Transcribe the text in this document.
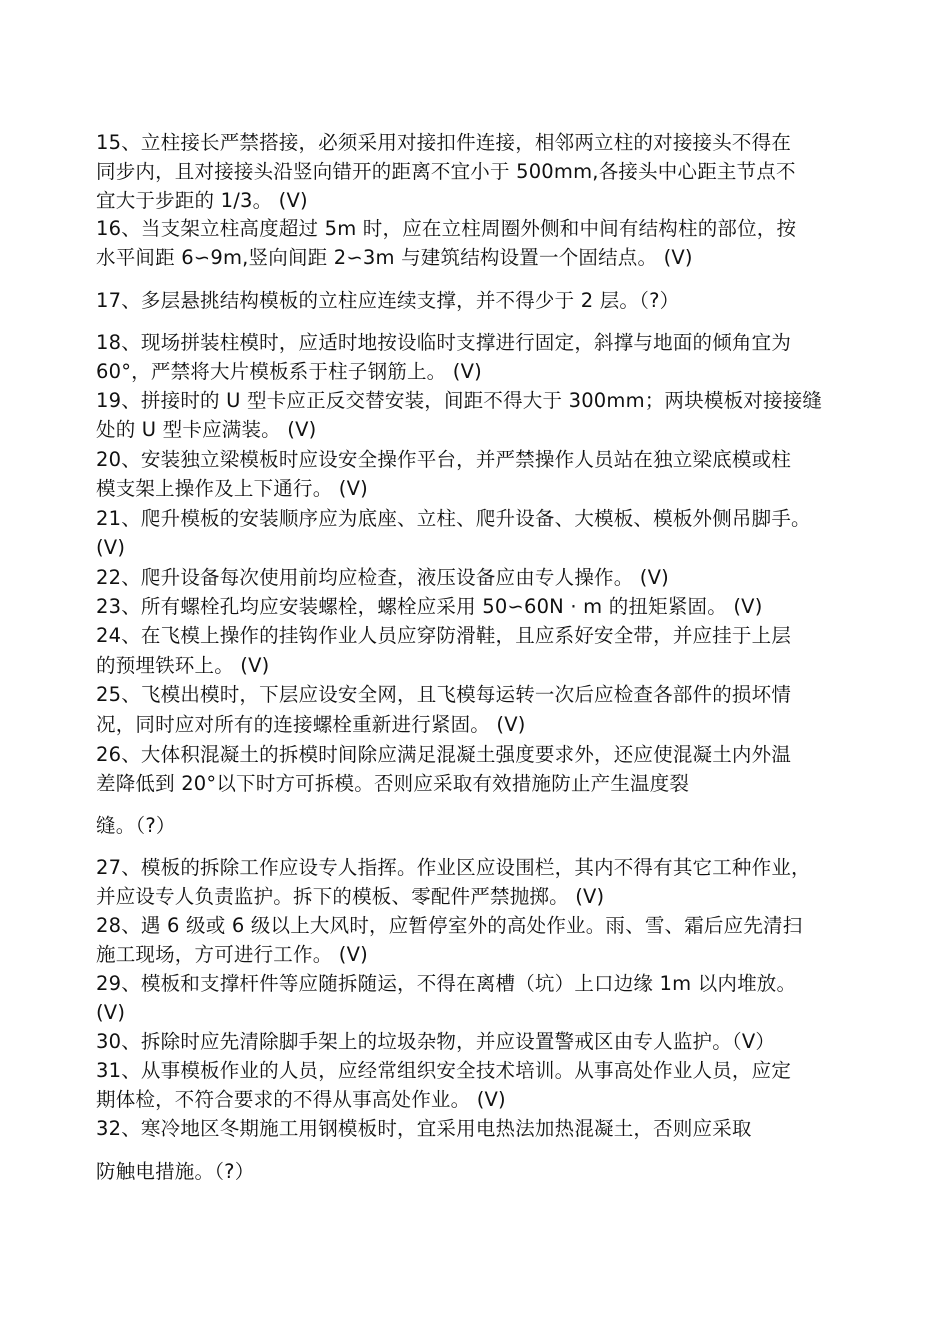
15、立柱接长严禁搭接，必须采用对接扣件连接，相邻两立柱的对接接头不得在
同步内，且对接接头沿竖向错开的距离不宜小于 500mm,各接头中心距主节点不
宜大于步距的 1/3。 (V)
16、当支架立柱高度超过 5m 时，应在立柱周圈外侧和中间有结构柱的部位，按
水平间距 6∽9m,竖向间距 2∽3m 与建筑结构设置一个固结点。 (V)
17、多层悬挑结构模板的立柱应连续支撑，并不得少于 2 层。（?）
18、现场拼装柱模时，应适时地按设临时支撑进行固定，斜撑与地面的倾角宜为
60°，严禁将大片模板系于柱子钢筋上。 (V)
19、拼接时的 U 型卡应正反交替安装，间距不得大于 300mm；两块模板对接接缝
处的 U 型卡应满装。 (V)
20、安装独立梁模板时应设安全操作平台，并严禁操作人员站在独立梁底模或柱
模支架上操作及上下通行。 (V)
21、爬升模板的安装顺序应为底座、立柱、爬升设备、大模板、模板外侧吊脚手。
(V)
22、爬升设备每次使用前均应检查，液压设备应由专人操作。 (V)
23、所有螺栓孔均应安装螺栓，螺栓应采用 50∽60N · m 的扭矩紧固。 (V)
24、在飞模上操作的挂钩作业人员应穿防滑鞋，且应系好安全带，并应挂于上层
的预埋铁环上。 (V)
25、飞模出模时，下层应设安全网，且飞模每运转一次后应检查各部件的损坏情
况，同时应对所有的连接螺栓重新进行紧固。 (V)
26、大体积混凝土的拆模时间除应满足混凝土强度要求外，还应使混凝土内外温
差降低到 20°以下时方可拆模。否则应采取有效措施防止产生温度裂
缝。（?）
27、模板的拆除工作应设专人指挥。作业区应设围栏，其内不得有其它工种作业，
并应设专人负责监护。拆下的模板、零配件严禁抛掷。 (V)
28、遇 6 级或 6 级以上大风时，应暂停室外的高处作业。雨、雪、霜后应先清扫
施工现场，方可进行工作。 (V)
29、模板和支撑杆件等应随拆随运，不得在离槽（坑）上口边缘 1m 以内堆放。
(V)
30、拆除时应先清除脚手架上的垃圾杂物，并应设置警戒区由专人监护。（V）
31、从事模板作业的人员，应经常组织安全技术培训。从事高处作业人员，应定
期体检，不符合要求的不得从事高处作业。 (V)
32、寒冷地区冬期施工用钢模板时，宜采用电热法加热混凝土，否则应采取
防触电措施。（?）
